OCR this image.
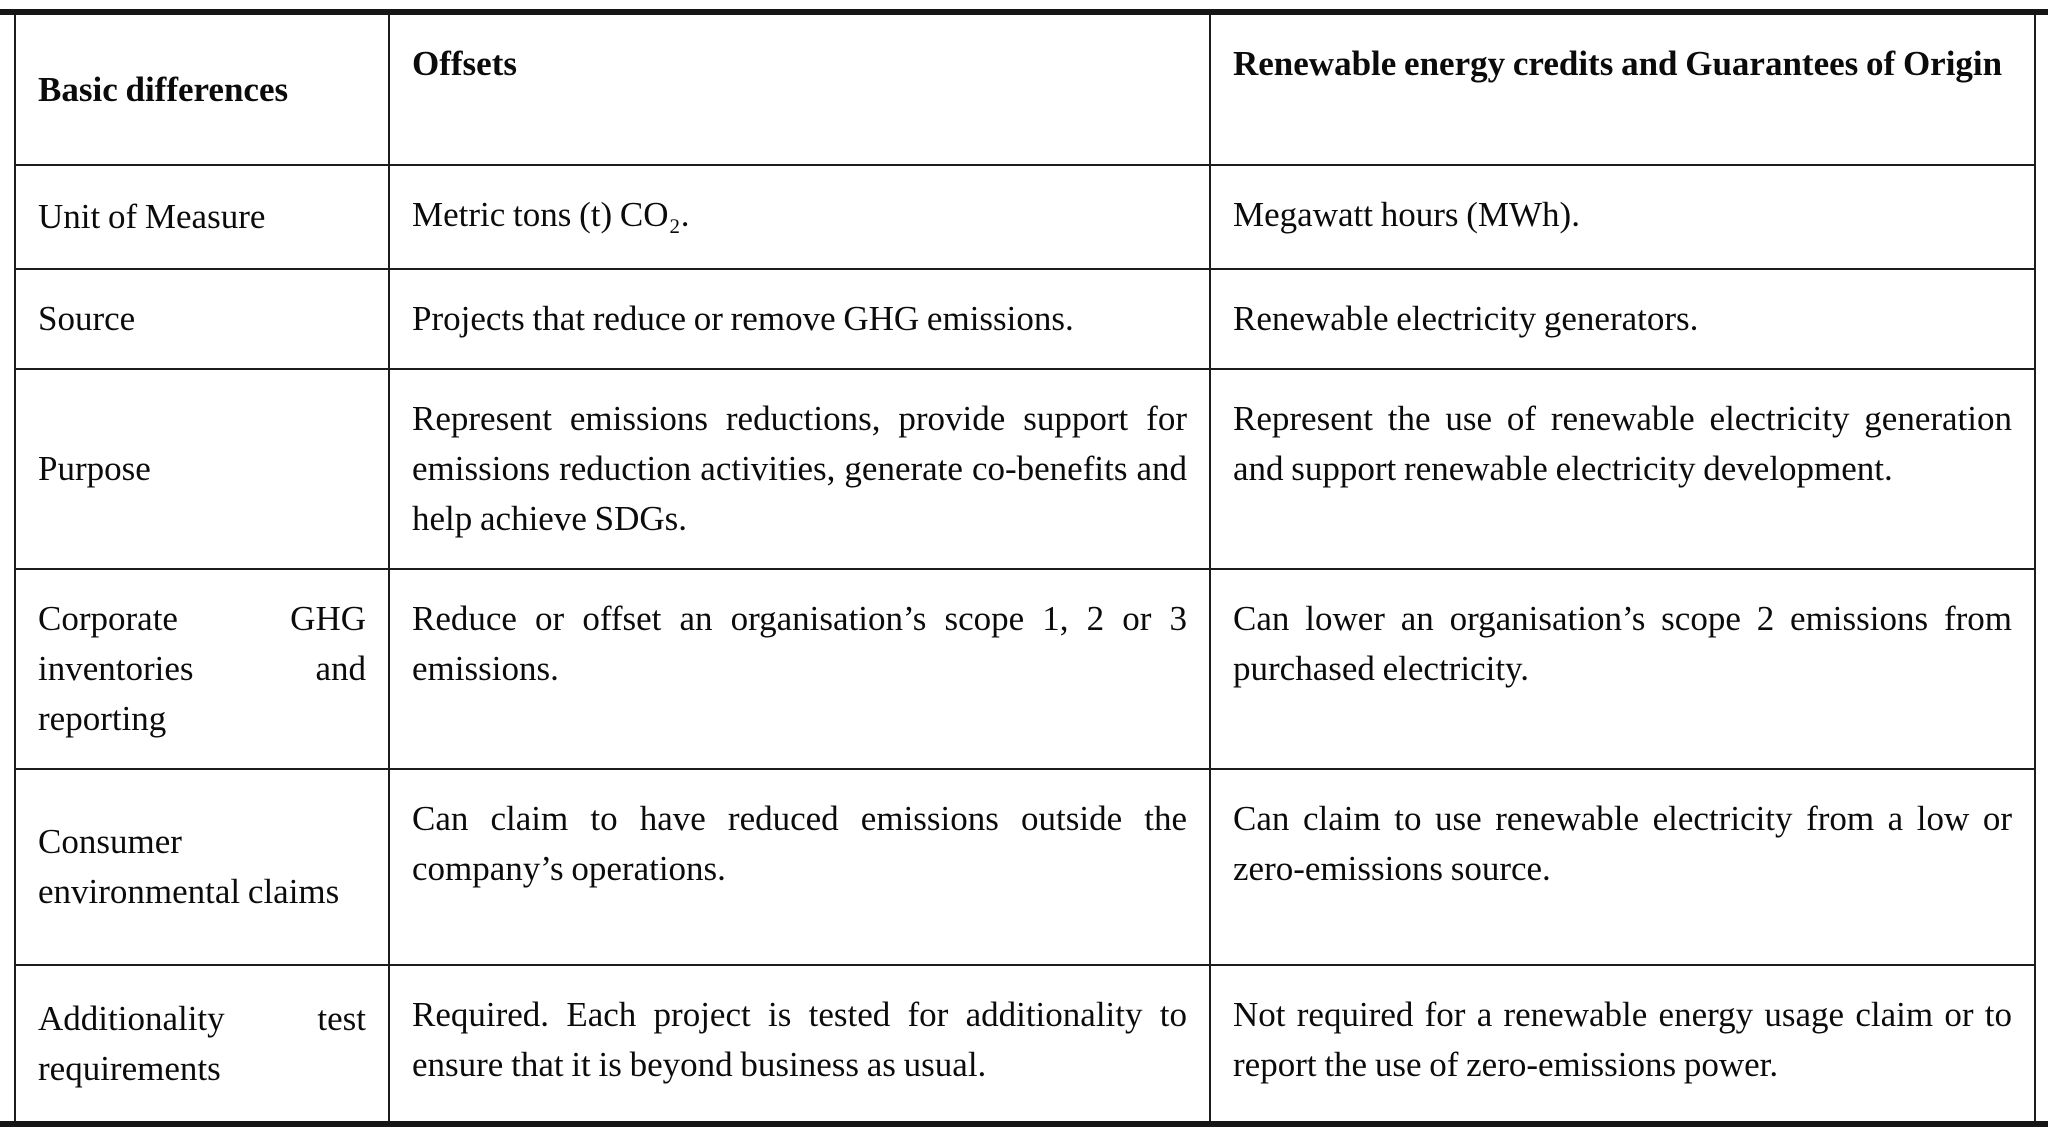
Basic differences	Offsets	Renewable energy credits and Guarantees of Origin
Unit of Measure	Metric tons (t) CO₂.	Megawatt hours (MWh).
Source	Projects that reduce or remove GHG emissions.	Renewable electricity generators.
Purpose	Represent emissions reductions, provide support for emissions reduction activities, generate co-benefits and help achieve SDGs.	Represent the use of renewable electricity generation and support renewable electricity development.
Corporate GHG inventories and reporting	Reduce or offset an organisation’s scope 1, 2 or 3 emissions.	Can lower an organisation’s scope 2 emissions from purchased electricity.
Consumer environmental claims	Can claim to have reduced emissions outside the company’s operations.	Can claim to use renewable electricity from a low or zero-emissions source.
Additionality test requirements	Required. Each project is tested for additionality to ensure that it is beyond business as usual.	Not required for a renewable energy usage claim or to report the use of zero-emissions power.
